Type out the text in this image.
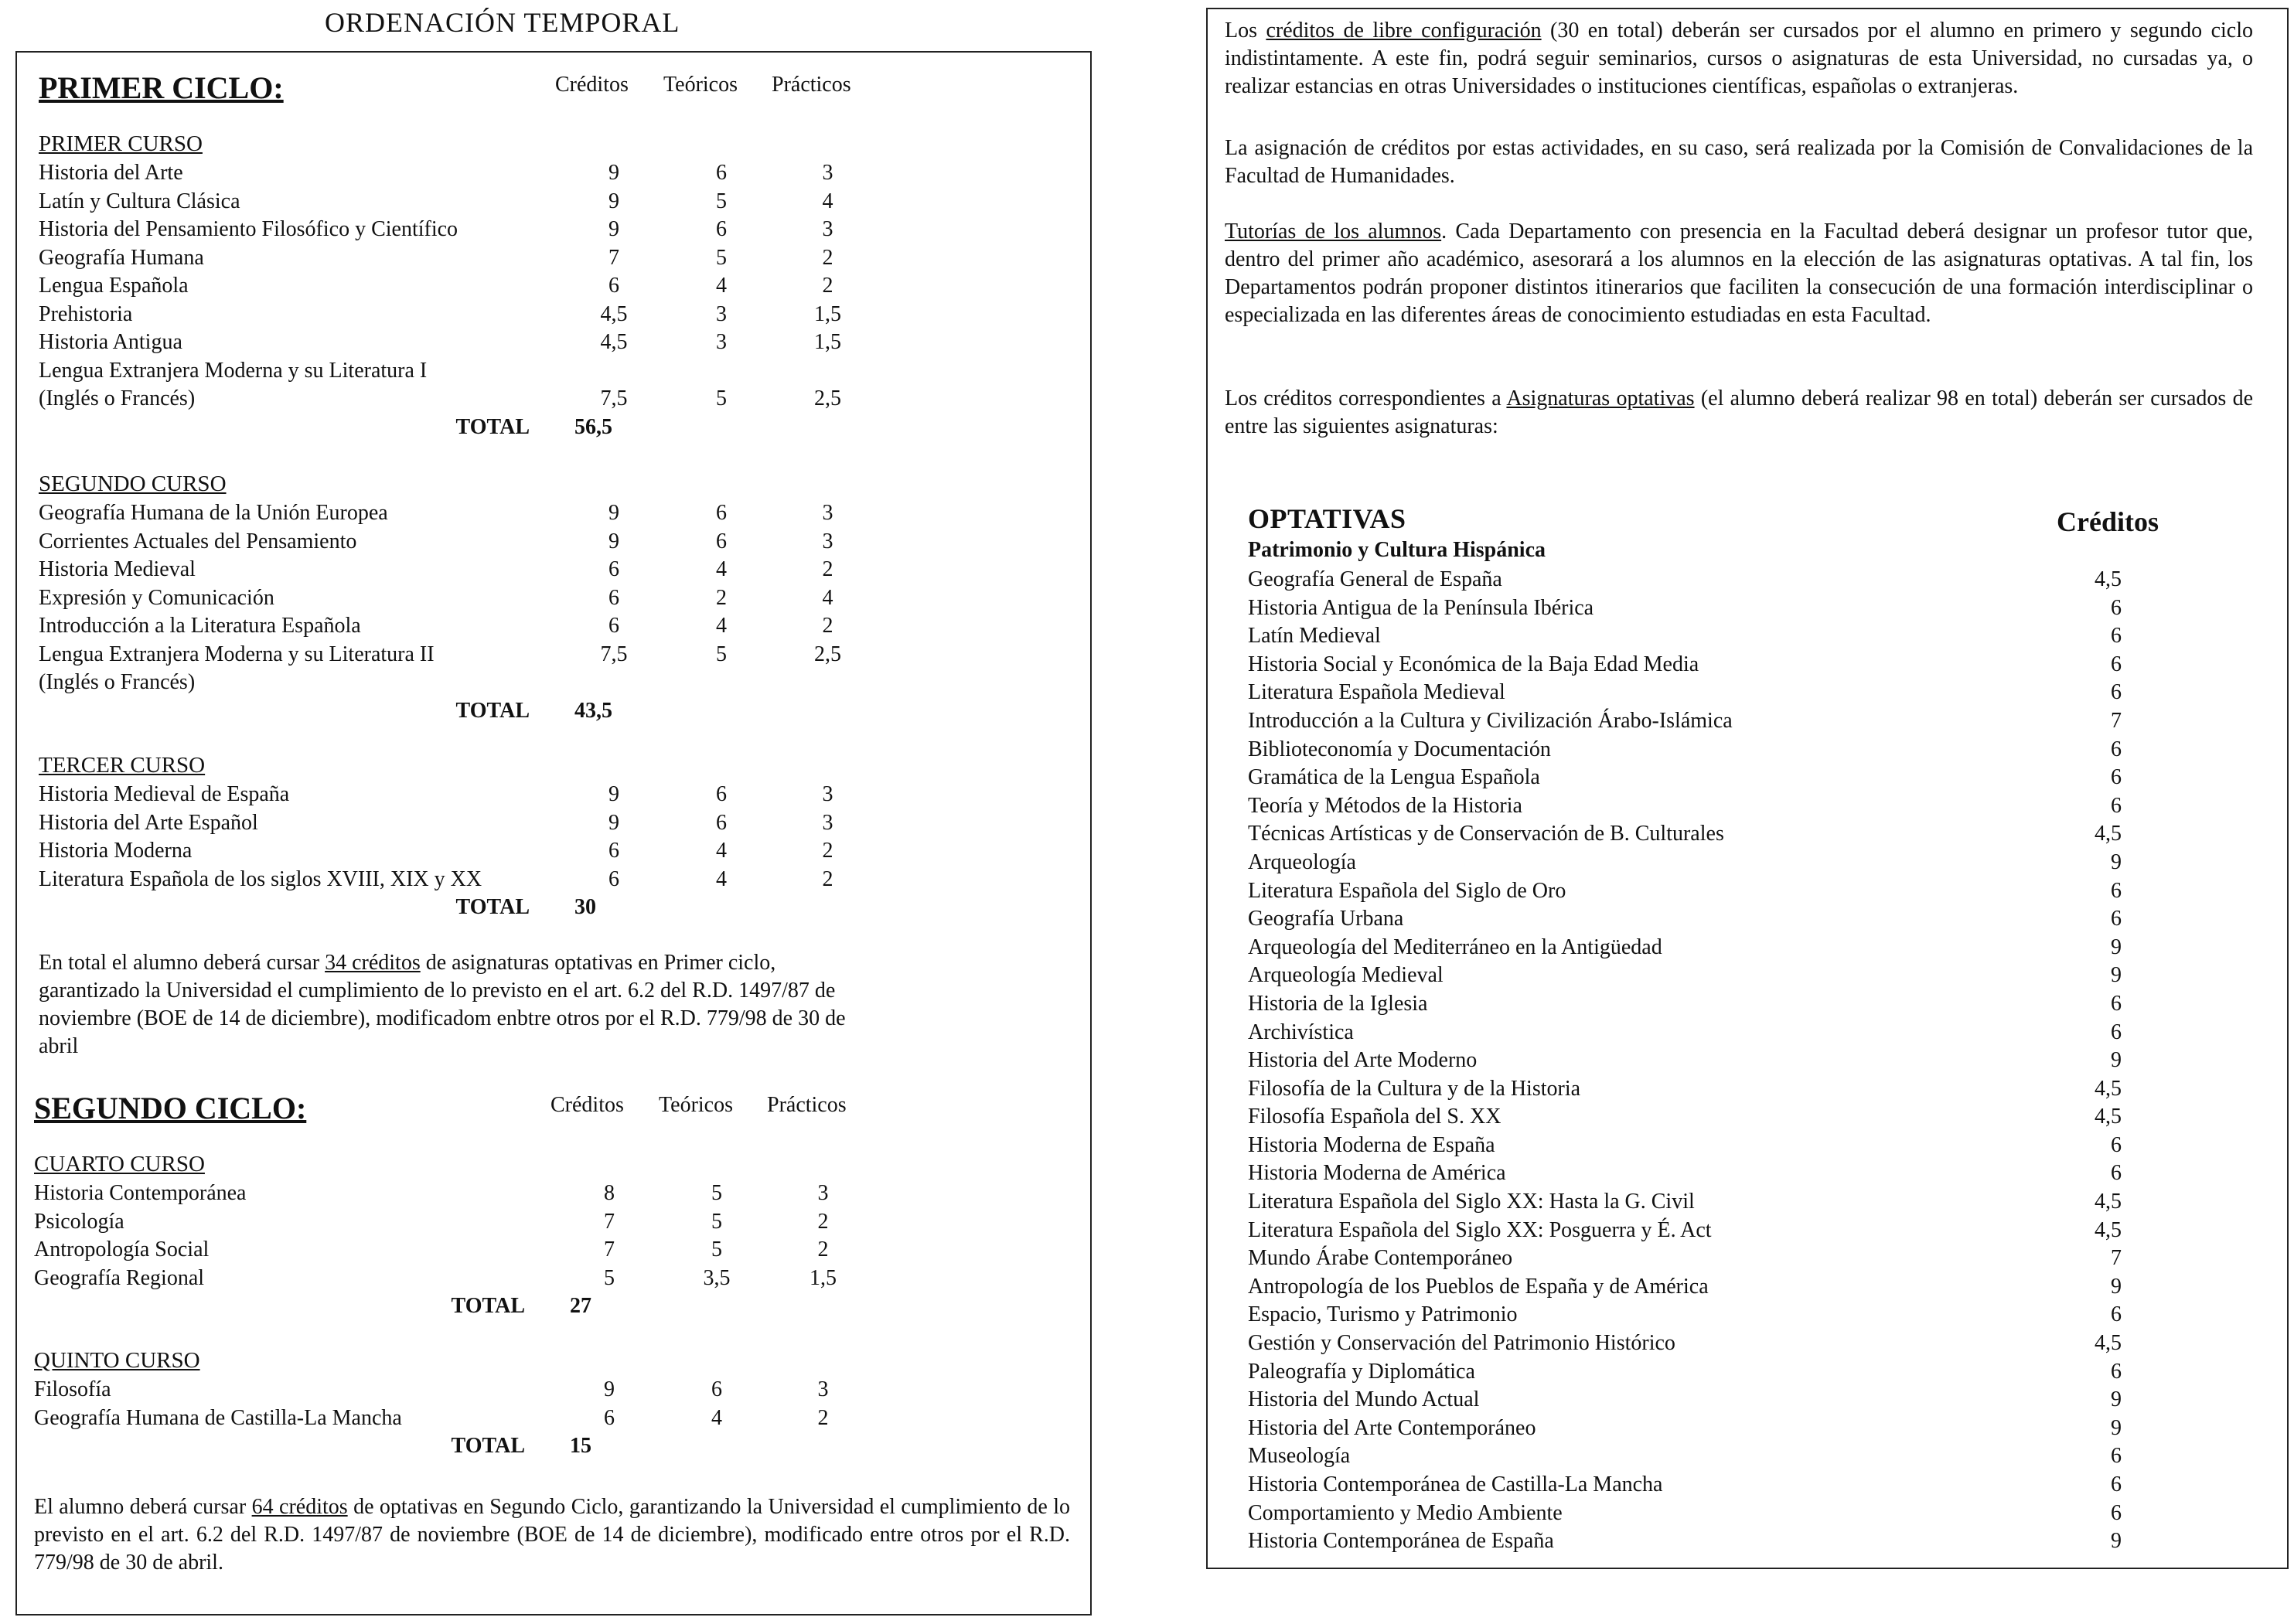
ORDENACIÓN TEMPORAL
PRIMER CICLO:	Créditos Teóricos Prácticos
PRIMER CURSO
Historia del Arte	9	6	3
Latín y Cultura Clásica	9	5	4
Historia del Pensamiento Filosófico y Científico	9	6	3
Geografía Humana	7	5	2
Lengua Española	6	4	2
Prehistoria	4,5	3	1,5
Historia Antigua	4,5	3	1,5
Lengua Extranjera Moderna y su Literatura I			
(Inglés o Francés)	7,5	5	2,5
TOTAL	56,5		
SEGUNDO CURSO
Geografía Humana de la Unión Europea	9	6	3
Corrientes Actuales del Pensamiento	9	6	3
Historia Medieval	6	4	2
Expresión y Comunicación	6	2	4
Introducción a la Literatura Española	6	4	2
Lengua Extranjera Moderna y su Literatura II	7,5	5	2,5
(Inglés o Francés)			
TOTAL	43,5		
TERCER CURSO
Historia Medieval de España	9	6	3
Historia del Arte Español	9	6	3
Historia Moderna	6	4	2
Literatura Española de los siglos XVIII, XIX y XX	6	4	2
TOTAL	30		
En total el alumno deberá cursar 34 créditos de asignaturas optativas en Primer ciclo, garantizado la Universidad el cumplimiento de lo previsto en el art. 6.2 del R.D. 1497/87 de noviembre (BOE de 14 de diciembre), modificadom enbtre otros por el R.D. 779/98 de 30 de abril
SEGUNDO CICLO:	Créditos Teóricos Prácticos
CUARTO CURSO
Historia Contemporánea	8	5	3
Psicología	7	5	2
Antropología Social	7	5	2
Geografía Regional	5	3,5	1,5
TOTAL	27		
QUINTO CURSO
Filosofía	9	6	3
Geografía Humana de Castilla-La Mancha	6	4	2
TOTAL	15		
El alumno deberá cursar 64 créditos de optativas en Segundo Ciclo, garantizando la Universidad el cumplimiento de lo previsto en el art. 6.2 del R.D. 1497/87 de noviembre (BOE de 14 de diciembre), modificado entre otros por el R.D. 779/98 de 30 de abril.
Los créditos de libre configuración (30 en total) deberán ser cursados por el alumno en primero y segundo ciclo indistintamente. A este fin, podrá seguir seminarios, cursos o asignaturas de esta Universidad, no cursadas ya, o realizar estancias en otras Universidades o instituciones científicas, españolas o extranjeras.
La asignación de créditos por estas actividades, en su caso, será realizada por la Comisión de Convalidaciones de la Facultad de Humanidades.
Tutorías de los alumnos. Cada Departamento con presencia en la Facultad deberá designar un profesor tutor que, dentro del primer año académico, asesorará a los alumnos en la elección de las asignaturas optativas. A tal fin, los Departamentos podrán proponer distintos itinerarios que faciliten la consecución de una formación interdisciplinar o especializada en las diferentes áreas de conocimiento estudiadas en esta Facultad.
Los créditos correspondientes a Asignaturas optativas (el alumno deberá realizar 98 en total) deberán ser cursados de entre las siguientes asignaturas:
OPTATIVAS	Créditos
Patrimonio y Cultura Hispánica
Geografía General de España	4,5
Historia Antigua de la Península Ibérica	6
Latín Medieval	6
Historia Social y Económica de la Baja Edad Media	6
Literatura Española Medieval	6
Introducción a la Cultura y Civilización Árabo-Islámica	7
Biblioteconomía y Documentación	6
Gramática de la Lengua Española	6
Teoría y Métodos de la Historia	6
Técnicas Artísticas y de Conservación de B. Culturales	4,5
Arqueología	9
Literatura Española del Siglo de Oro	6
Geografía Urbana	6
Arqueología del Mediterráneo en la Antigüedad	9
Arqueología Medieval	9
Historia de la Iglesia	6
Archivística	6
Historia del Arte Moderno	9
Filosofía de la Cultura y de la Historia	4,5
Filosofía Española del S. XX	4,5
Historia Moderna de España	6
Historia Moderna de América	6
Literatura Española del Siglo XX: Hasta la G. Civil	4,5
Literatura Española del Siglo XX: Posguerra y É. Act	4,5
Mundo Árabe Contemporáneo	7
Antropología de los Pueblos de España y de América	9
Espacio, Turismo y Patrimonio	6
Gestión y Conservación del Patrimonio Histórico	4,5
Paleografía y Diplomática	6
Historia del Mundo Actual	9
Historia del Arte Contemporáneo	9
Museología	6
Historia Contemporánea de Castilla-La Mancha	6
Comportamiento y Medio Ambiente	6
Historia Contemporánea de España	9
